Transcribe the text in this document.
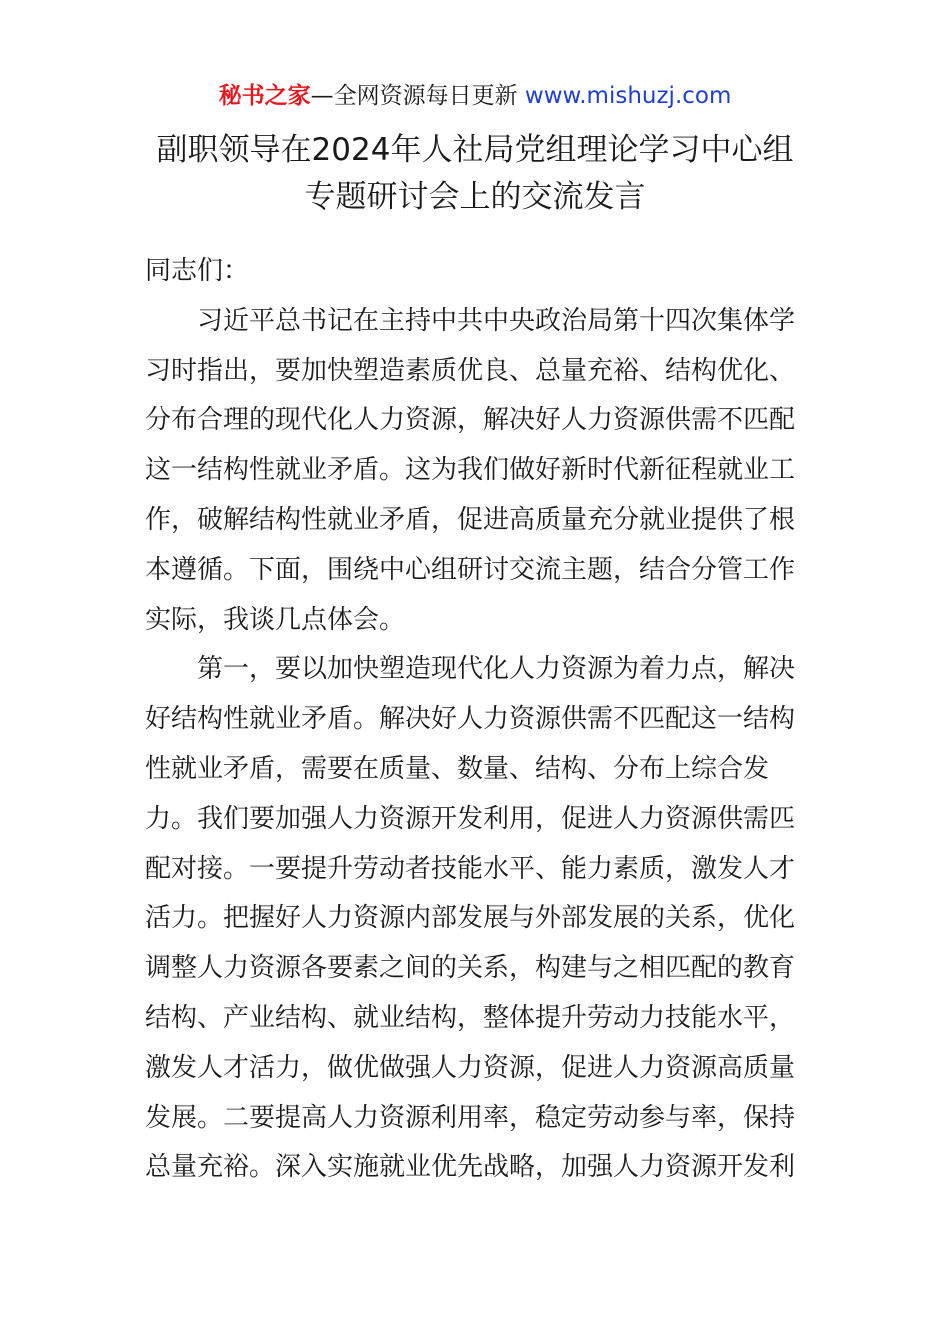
秘书之家—全网资源每日更新 www.mishuzj.com
副职领导在2024年人社局党组理论学习中心组
专题研讨会上的交流发言
同志们：
习近平总书记在主持中共中央政治局第十四次集体学
习时指出，要加快塑造素质优良、总量充裕、结构优化、
分布合理的现代化人力资源，解决好人力资源供需不匹配
这一结构性就业矛盾。这为我们做好新时代新征程就业工
作，破解结构性就业矛盾，促进高质量充分就业提供了根
本遵循。下面，围绕中心组研讨交流主题，结合分管工作
实际，我谈几点体会。
第一，要以加快塑造现代化人力资源为着力点，解决
好结构性就业矛盾。解决好人力资源供需不匹配这一结构
性就业矛盾，需要在质量、数量、结构、分布上综合发
力。我们要加强人力资源开发利用，促进人力资源供需匹
配对接。一要提升劳动者技能水平、能力素质，激发人才
活力。把握好人力资源内部发展与外部发展的关系，优化
调整人力资源各要素之间的关系，构建与之相匹配的教育
结构、产业结构、就业结构，整体提升劳动力技能水平，
激发人才活力，做优做强人力资源，促进人力资源高质量
发展。二要提高人力资源利用率，稳定劳动参与率，保持
总量充裕。深入实施就业优先战略，加强人力资源开发利
